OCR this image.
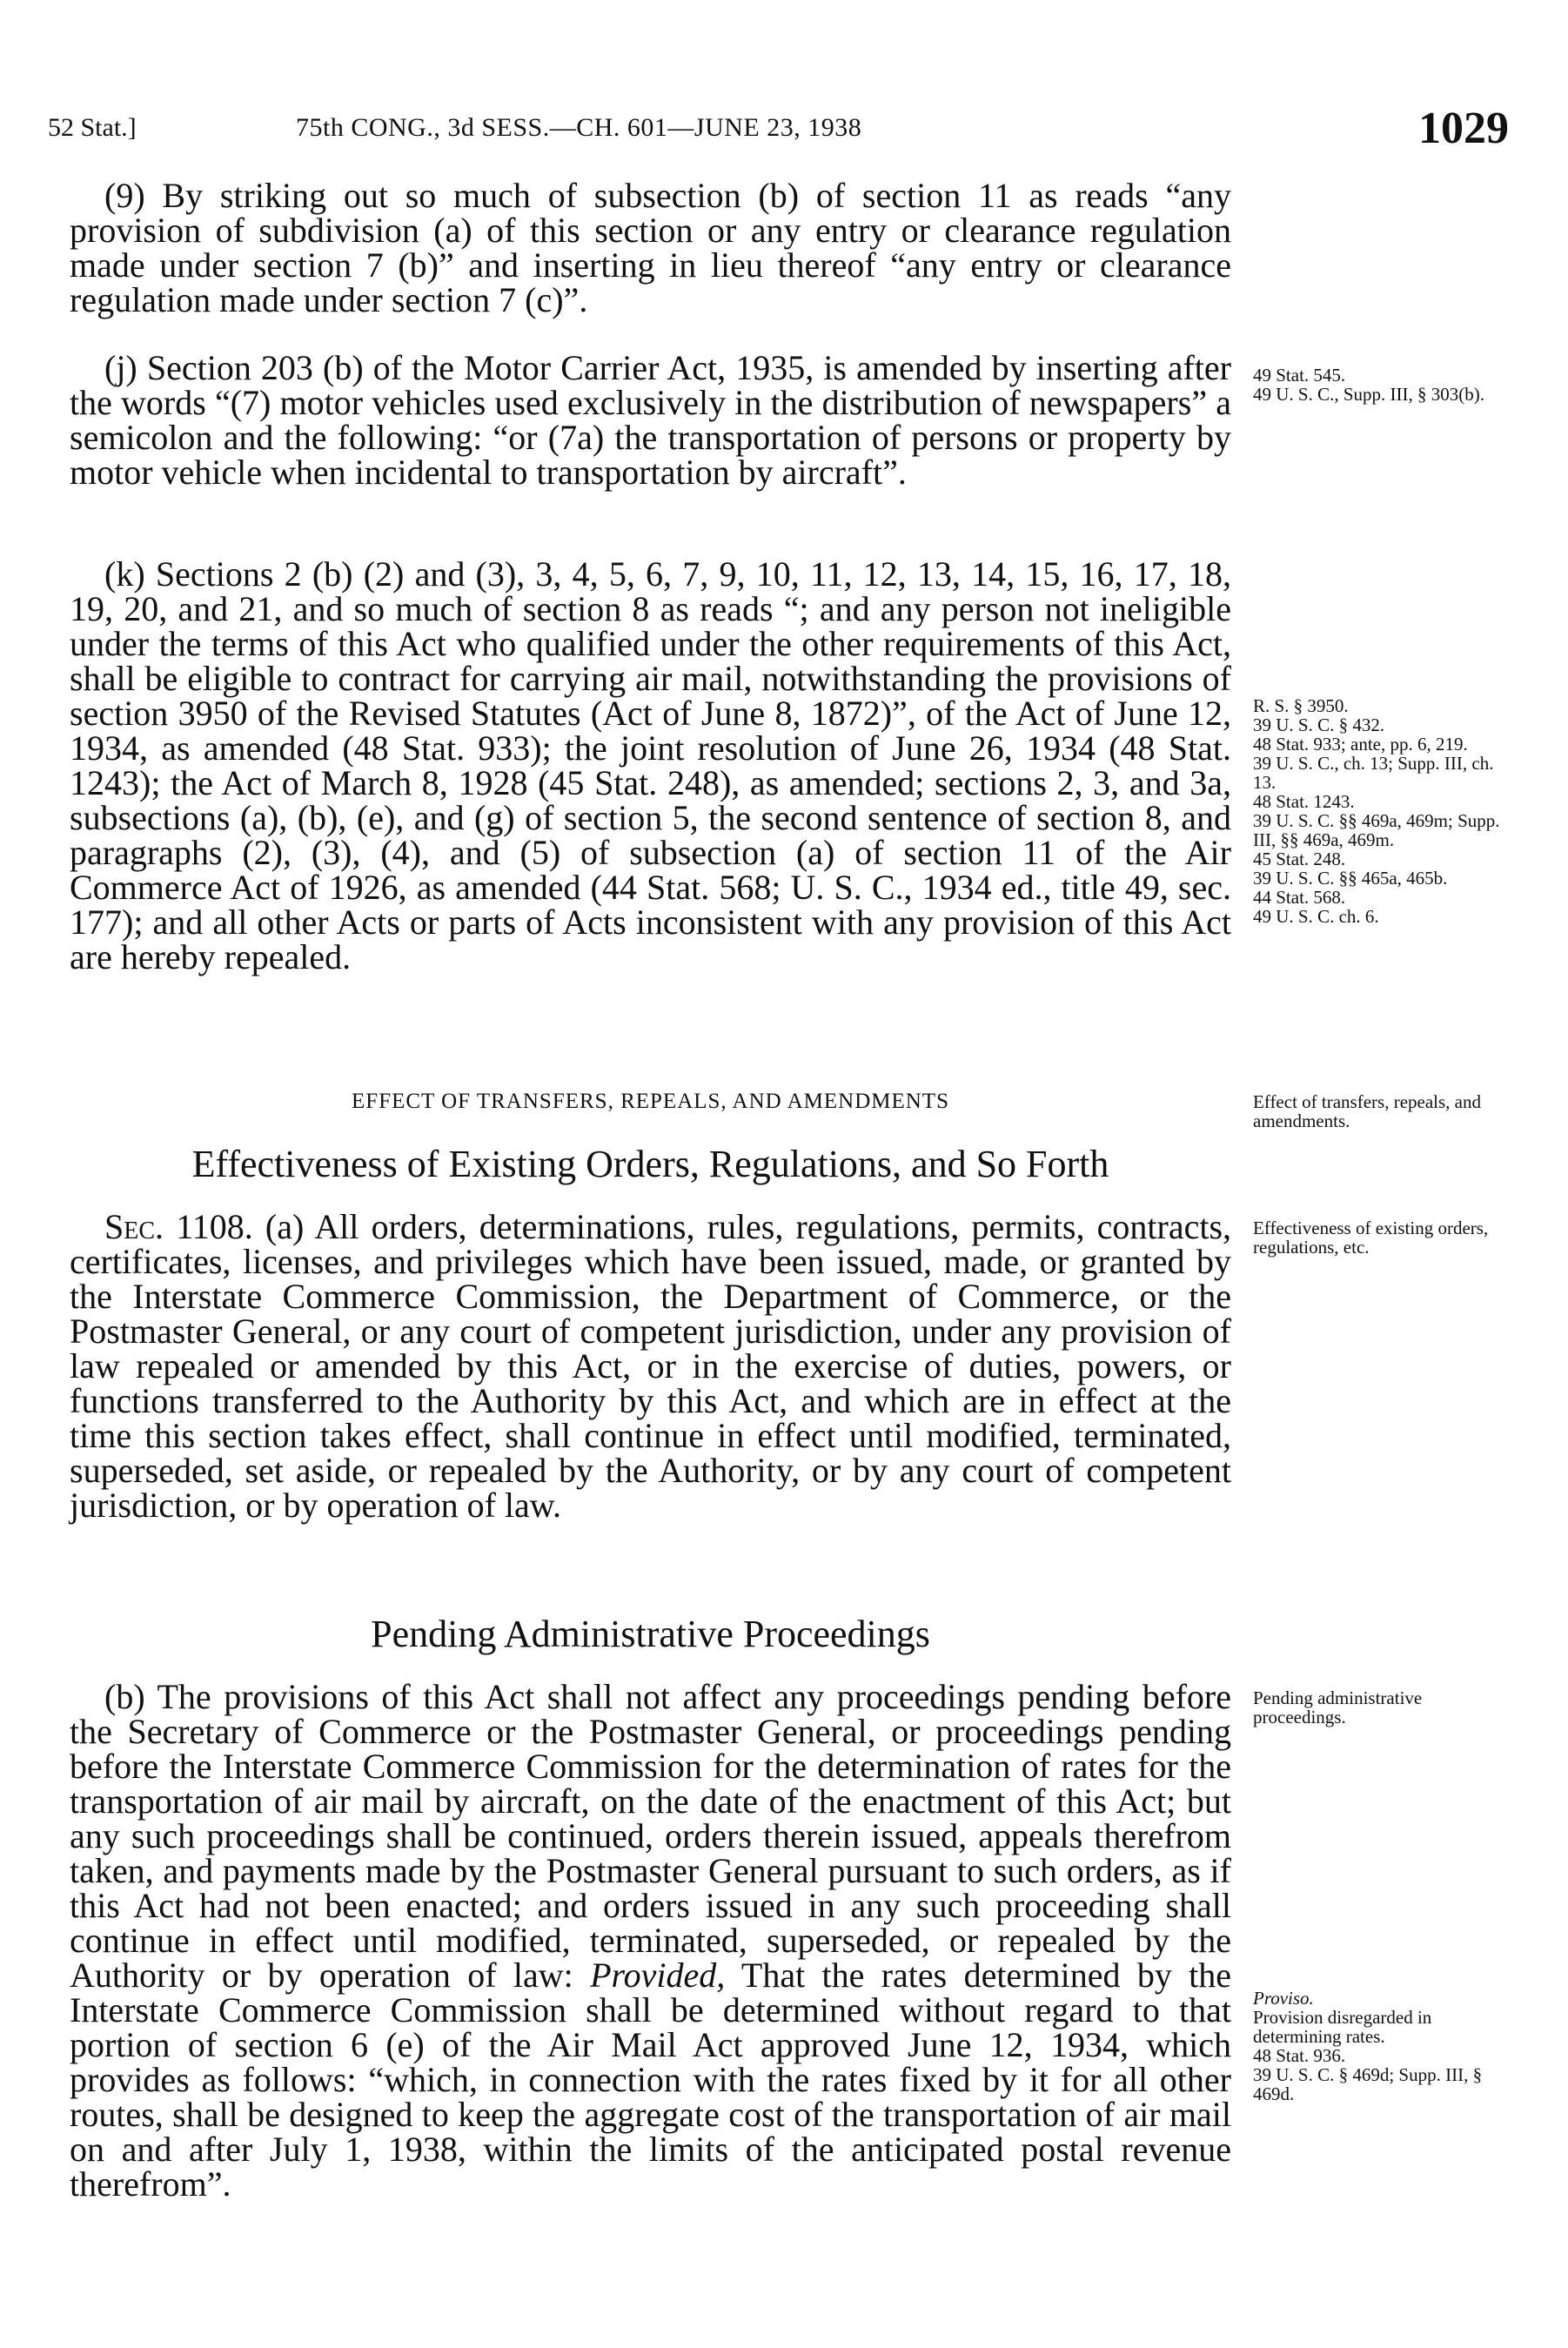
52 Stat.]	75th CONG., 3d SESS.—CH. 601—JUNE 23, 1938	1029

(9) By striking out so much of subsection (b) of section 11 as reads “any provision of subdivision (a) of this section or any entry or clearance regulation made under section 7 (b)” and inserting in lieu thereof “any entry or clearance regulation made under section 7 (c)”.

(j) Section 203 (b) of the Motor Carrier Act, 1935, is amended by inserting after the words “(7) motor vehicles used exclusively in the distribution of newspapers” a semicolon and the following: “or (7a) the transportation of persons or property by motor vehicle when incidental to transportation by aircraft”.

(k) Sections 2 (b) (2) and (3), 3, 4, 5, 6, 7, 9, 10, 11, 12, 13, 14, 15, 16, 17, 18, 19, 20, and 21, and so much of section 8 as reads “; and any person not ineligible under the terms of this Act who qualified under the other requirements of this Act, shall be eligible to contract for carrying air mail, notwithstanding the provisions of section 3950 of the Revised Statutes (Act of June 8, 1872)”, of the Act of June 12, 1934, as amended (48 Stat. 933); the joint resolution of June 26, 1934 (48 Stat. 1243); the Act of March 8, 1928 (45 Stat. 248), as amended; sections 2, 3, and 3a, subsections (a), (b), (e), and (g) of section 5, the second sentence of section 8, and paragraphs (2), (3), (4), and (5) of subsection (a) of section 11 of the Air Commerce Act of 1926, as amended (44 Stat. 568; U. S. C., 1934 ed., title 49, sec. 177); and all other Acts or parts of Acts inconsistent with any provision of this Act are hereby repealed.

49 Stat. 545.
49 U. S. C., Supp. III, § 303(b).
R. S. § 3950.
39 U. S. C. § 432.
48 Stat. 933; ante, pp. 6, 219.
39 U. S. C., ch. 13; Supp. III, ch. 13.
48 Stat. 1243.
39 U. S. C. §§ 469a, 469m; Supp. III, §§ 469a, 469m.
45 Stat. 248.
39 U. S. C. §§ 465a, 465b.
44 Stat. 568.
49 U. S. C. ch. 6.
EFFECT OF TRANSFERS, REPEALS, AND AMENDMENTS	Effect of transfers, repeals, and amendments.
Effectiveness of Existing Orders, Regulations, and So Forth

Sec. 1108. (a) All orders, determinations, rules, regulations, permits, contracts, certificates, licenses, and privileges which have been issued, made, or granted by the Interstate Commerce Commission, the Department of Commerce, or the Postmaster General, or any court of competent jurisdiction, under any provision of law repealed or amended by this Act, or in the exercise of duties, powers, or functions transferred to the Authority by this Act, and which are in effect at the time this section takes effect, shall continue in effect until modified, terminated, superseded, set aside, or repealed by the Authority, or by any court of competent jurisdiction, or by operation of law.

Effectiveness of existing orders, regulations, etc.
Pending Administrative Proceedings

(b) The provisions of this Act shall not affect any proceedings pending before the Secretary of Commerce or the Postmaster General, or proceedings pending before the Interstate Commerce Commission for the determination of rates for the transportation of air mail by aircraft, on the date of the enactment of this Act; but any such proceedings shall be continued, orders therein issued, appeals therefrom taken, and payments made by the Postmaster General pursuant to such orders, as if this Act had not been enacted; and orders issued in any such proceeding shall continue in effect until modified, terminated, superseded, or repealed by the Authority or by operation of law: Provided, That the rates determined by the Interstate Commerce Commission shall be determined without regard to that portion of section 6 (e) of the Air Mail Act approved June 12, 1934, which provides as follows: “which, in connection with the rates fixed by it for all other routes, shall be designed to keep the aggregate cost of the transportation of air mail on and after July 1, 1938, within the limits of the anticipated postal revenue therefrom”.

Pending administrative proceedings.
Proviso.
Provision disregarded in determining rates.
48 Stat. 936.
39 U. S. C. § 469d; Supp. III, § 469d.
